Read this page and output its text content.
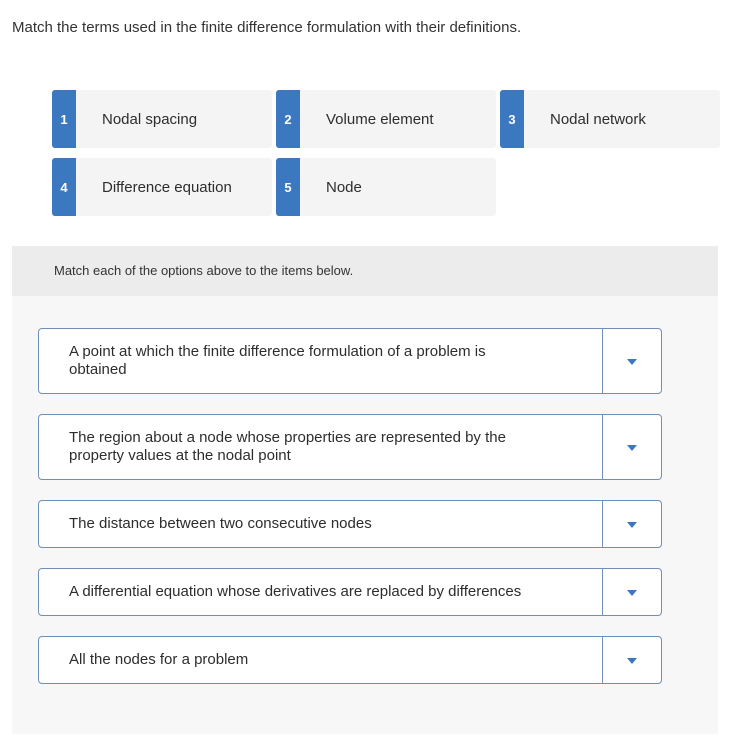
Match the terms used in the finite difference formulation with their definitions.
1	Nodal spacing	2	Volume element	3	Nodal network
4	Difference equation	5	Node
Match each of the options above to the items below.
A point at which the finite difference formulation of a problem is obtained
The region about a node whose properties are represented by the property values at the nodal point
The distance between two consecutive nodes
A differential equation whose derivatives are replaced by differences
All the nodes for a problem
